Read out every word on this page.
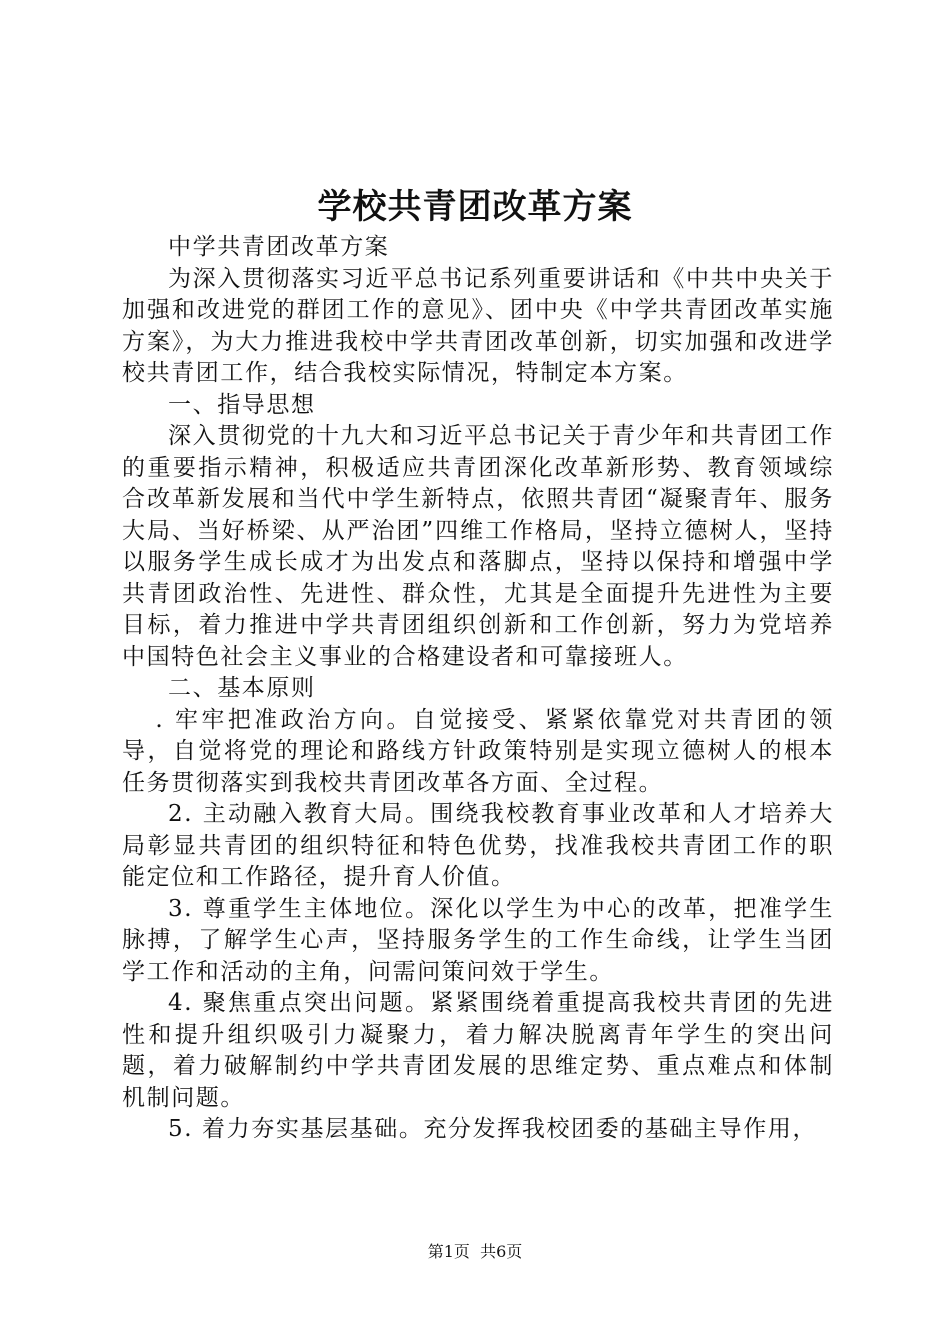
学校共青团改革方案

中学共青团改革方案

为深入贯彻落实习近平总书记系列重要讲话和《中共中央关于加强和改进党的群团工作的意见》、团中央《中学共青团改革实施方案》，为大力推进我校中学共青团改革创新，切实加强和改进学校共青团工作，结合我校实际情况，特制定本方案。

一、指导思想

深入贯彻党的十九大和习近平总书记关于青少年和共青团工作的重要指示精神，积极适应共青团深化改革新形势、教育领域综合改革新发展和当代中学生新特点，依照共青团“凝聚青年、服务大局、当好桥梁、从严治团”四维工作格局，坚持立德树人，坚持以服务学生成长成才为出发点和落脚点，坚持以保持和增强中学共青团政治性、先进性、群众性，尤其是全面提升先进性为主要目标，着力推进中学共青团组织创新和工作创新，努力为党培养中国特色社会主义事业的合格建设者和可靠接班人。

二、基本原则

. 牢牢把准政治方向。自觉接受、紧紧依靠党对共青团的领导，自觉将党的理论和路线方针政策特别是实现立德树人的根本任务贯彻落实到我校共青团改革各方面、全过程。

2. 主动融入教育大局。围绕我校教育事业改革和人才培养大局彰显共青团的组织特征和特色优势，找准我校共青团工作的职能定位和工作路径，提升育人价值。

3. 尊重学生主体地位。深化以学生为中心的改革，把准学生脉搏，了解学生心声，坚持服务学生的工作生命线，让学生当团学工作和活动的主角，问需问策问效于学生。

4. 聚焦重点突出问题。紧紧围绕着重提高我校共青团的先进性和提升组织吸引力凝聚力，着力解决脱离青年学生的突出问题，着力破解制约中学共青团发展的思维定势、重点难点和体制机制问题。

5. 着力夯实基层基础。充分发挥我校团委的基础主导作用，

第1页 共6页
